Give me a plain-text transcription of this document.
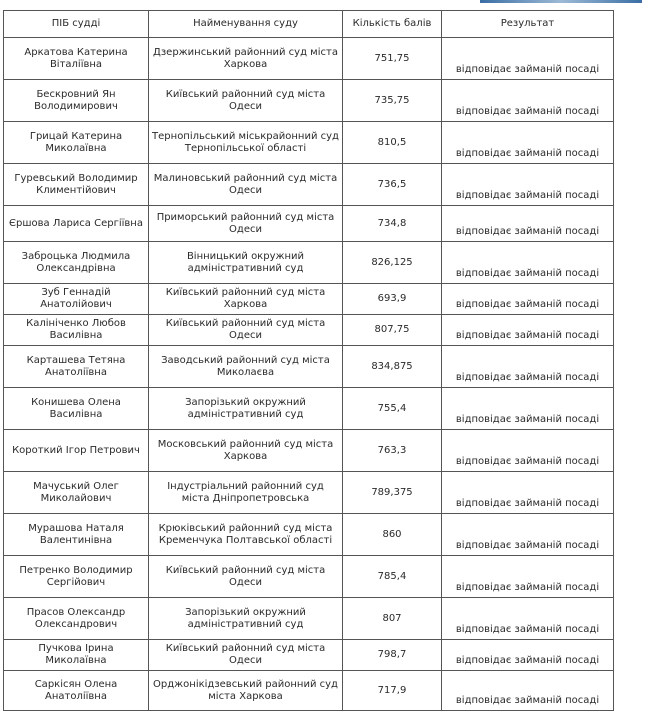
ПІБ судді	Найменування суду	Кількість балів	Результат
Аркатова Катерина Віталіївна	Дзержинський районний суд міста Харкова	751,75	відповідає займаній посаді
Бескровний Ян Володимирович	Київський районний суд міста Одеси	735,75	відповідає займаній посаді
Грицай Катерина Миколаївна	Тернопільський міськрайонний суд Тернопільської області	810,5	відповідає займаній посаді
Гуревський Володимир Климентійович	Малиновський районний суд міста Одеси	736,5	відповідає займаній посаді
Єршова Лариса Сергіївна	Приморський районний суд міста Одеси	734,8	відповідає займаній посаді
Заброцька Людмила Олександрівна	Вінницький окружний адміністративний суд	826,125	відповідає займаній посаді
Зуб Геннадій Анатолійович	Київський районний суд міста Харкова	693,9	відповідає займаній посаді
Калініченко Любов Василівна	Київський районний суд міста Одеси	807,75	відповідає займаній посаді
Карташева Тетяна Анатоліївна	Заводський районний суд міста Миколаєва	834,875	відповідає займаній посаді
Конишева Олена Василівна	Запорізький окружний адміністративний суд	755,4	відповідає займаній посаді
Короткий Ігор Петрович	Московський районний суд міста Харкова	763,3	відповідає займаній посаді
Мачуський Олег Миколайович	Індустріальний районний суд міста Дніпропетровська	789,375	відповідає займаній посаді
Мурашова Наталя Валентинівна	Крюківський районний суд міста Кременчука Полтавської області	860	відповідає займаній посаді
Петренко Володимир Сергійович	Київський районний суд міста Одеси	785,4	відповідає займаній посаді
Прасов Олександр Олександрович	Запорізький окружний адміністративний суд	807	відповідає займаній посаді
Пучкова Ірина Миколаївна	Київський районний суд міста Одеси	798,7	відповідає займаній посаді
Саркісян Олена Анатоліївна	Орджонікідзевський районний суд міста Харкова	717,9	відповідає займаній посаді
